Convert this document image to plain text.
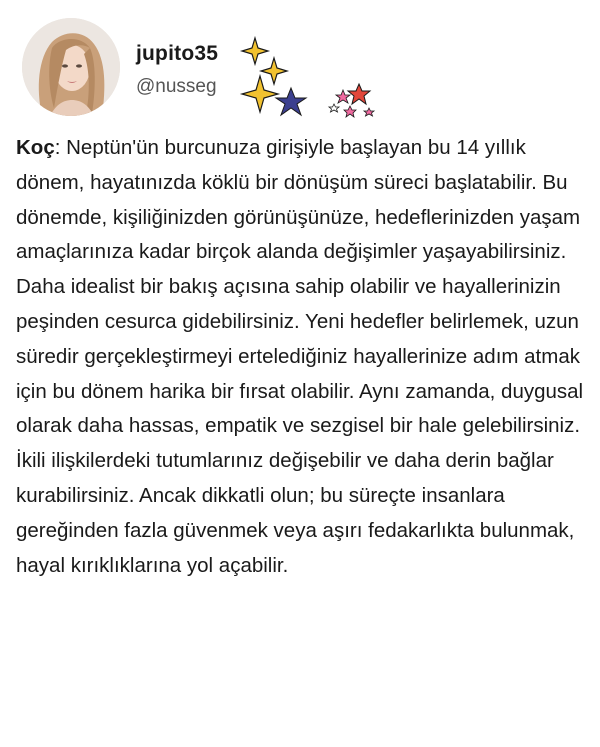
jupito35
@nusseg
Koç: Neptün'ün burcunuza girişiyle başlayan bu 14 yıllık dönem, hayatınızda köklü bir dönüşüm süreci başlatabilir. Bu dönemde, kişiliğinizden görünüşünüze, hedeflerinizden yaşam amaçlarınıza kadar birçok alanda değişimler yaşayabilirsiniz. Daha idealist bir bakış açısına sahip olabilir ve hayallerinizin peşinden cesurca gidebilirsiniz. Yeni hedefler belirlemek, uzun süredir gerçekleştirmeyi ertelediğiniz hayallerinize adım atmak için bu dönem harika bir fırsat olabilir. Aynı zamanda, duygusal olarak daha hassas, empatik ve sezgisel bir hale gelebilirsiniz. İkili ilişkilerdeki tutumlarınız değişebilir ve daha derin bağlar kurabilirsiniz. Ancak dikkatli olun; bu süreçte insanlara gereğinden fazla güvenmek veya aşırı fedakarlıkta bulunmak, hayal kırıklıklarına yol açabilir.
